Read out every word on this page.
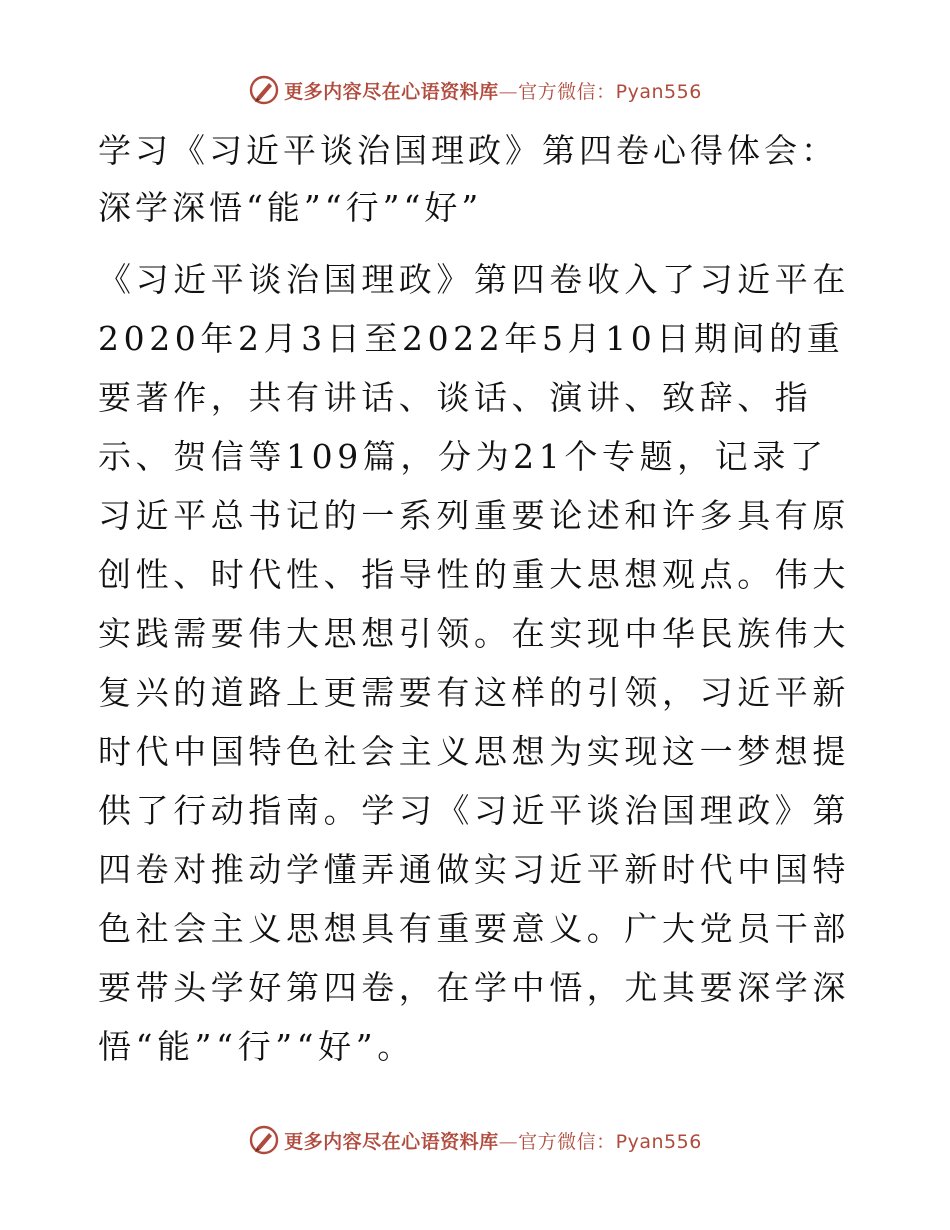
更多内容尽在心语资料库—官方微信：Pyan556
学习《习近平谈治国理政》第四卷心得体会：深学深悟“能”“行”“好”

《习近平谈治国理政》第四卷收入了习近平在2020年2月3日至2022年5月10日期间的重要著作，共有讲话、谈话、演讲、致辞、指示、贺信等109篇，分为21个专题，记录了习近平总书记的一系列重要论述和许多具有原创性、时代性、指导性的重大思想观点。伟大实践需要伟大思想引领。在实现中华民族伟大复兴的道路上更需要有这样的引领，习近平新时代中国特色社会主义思想为实现这一梦想提供了行动指南。学习《习近平谈治国理政》第四卷对推动学懂弄通做实习近平新时代中国特色社会主义思想具有重要意义。广大党员干部要带头学好第四卷，在学中悟，尤其要深学深悟“能”“行”“好”。

更多内容尽在心语资料库—官方微信：Pyan556
